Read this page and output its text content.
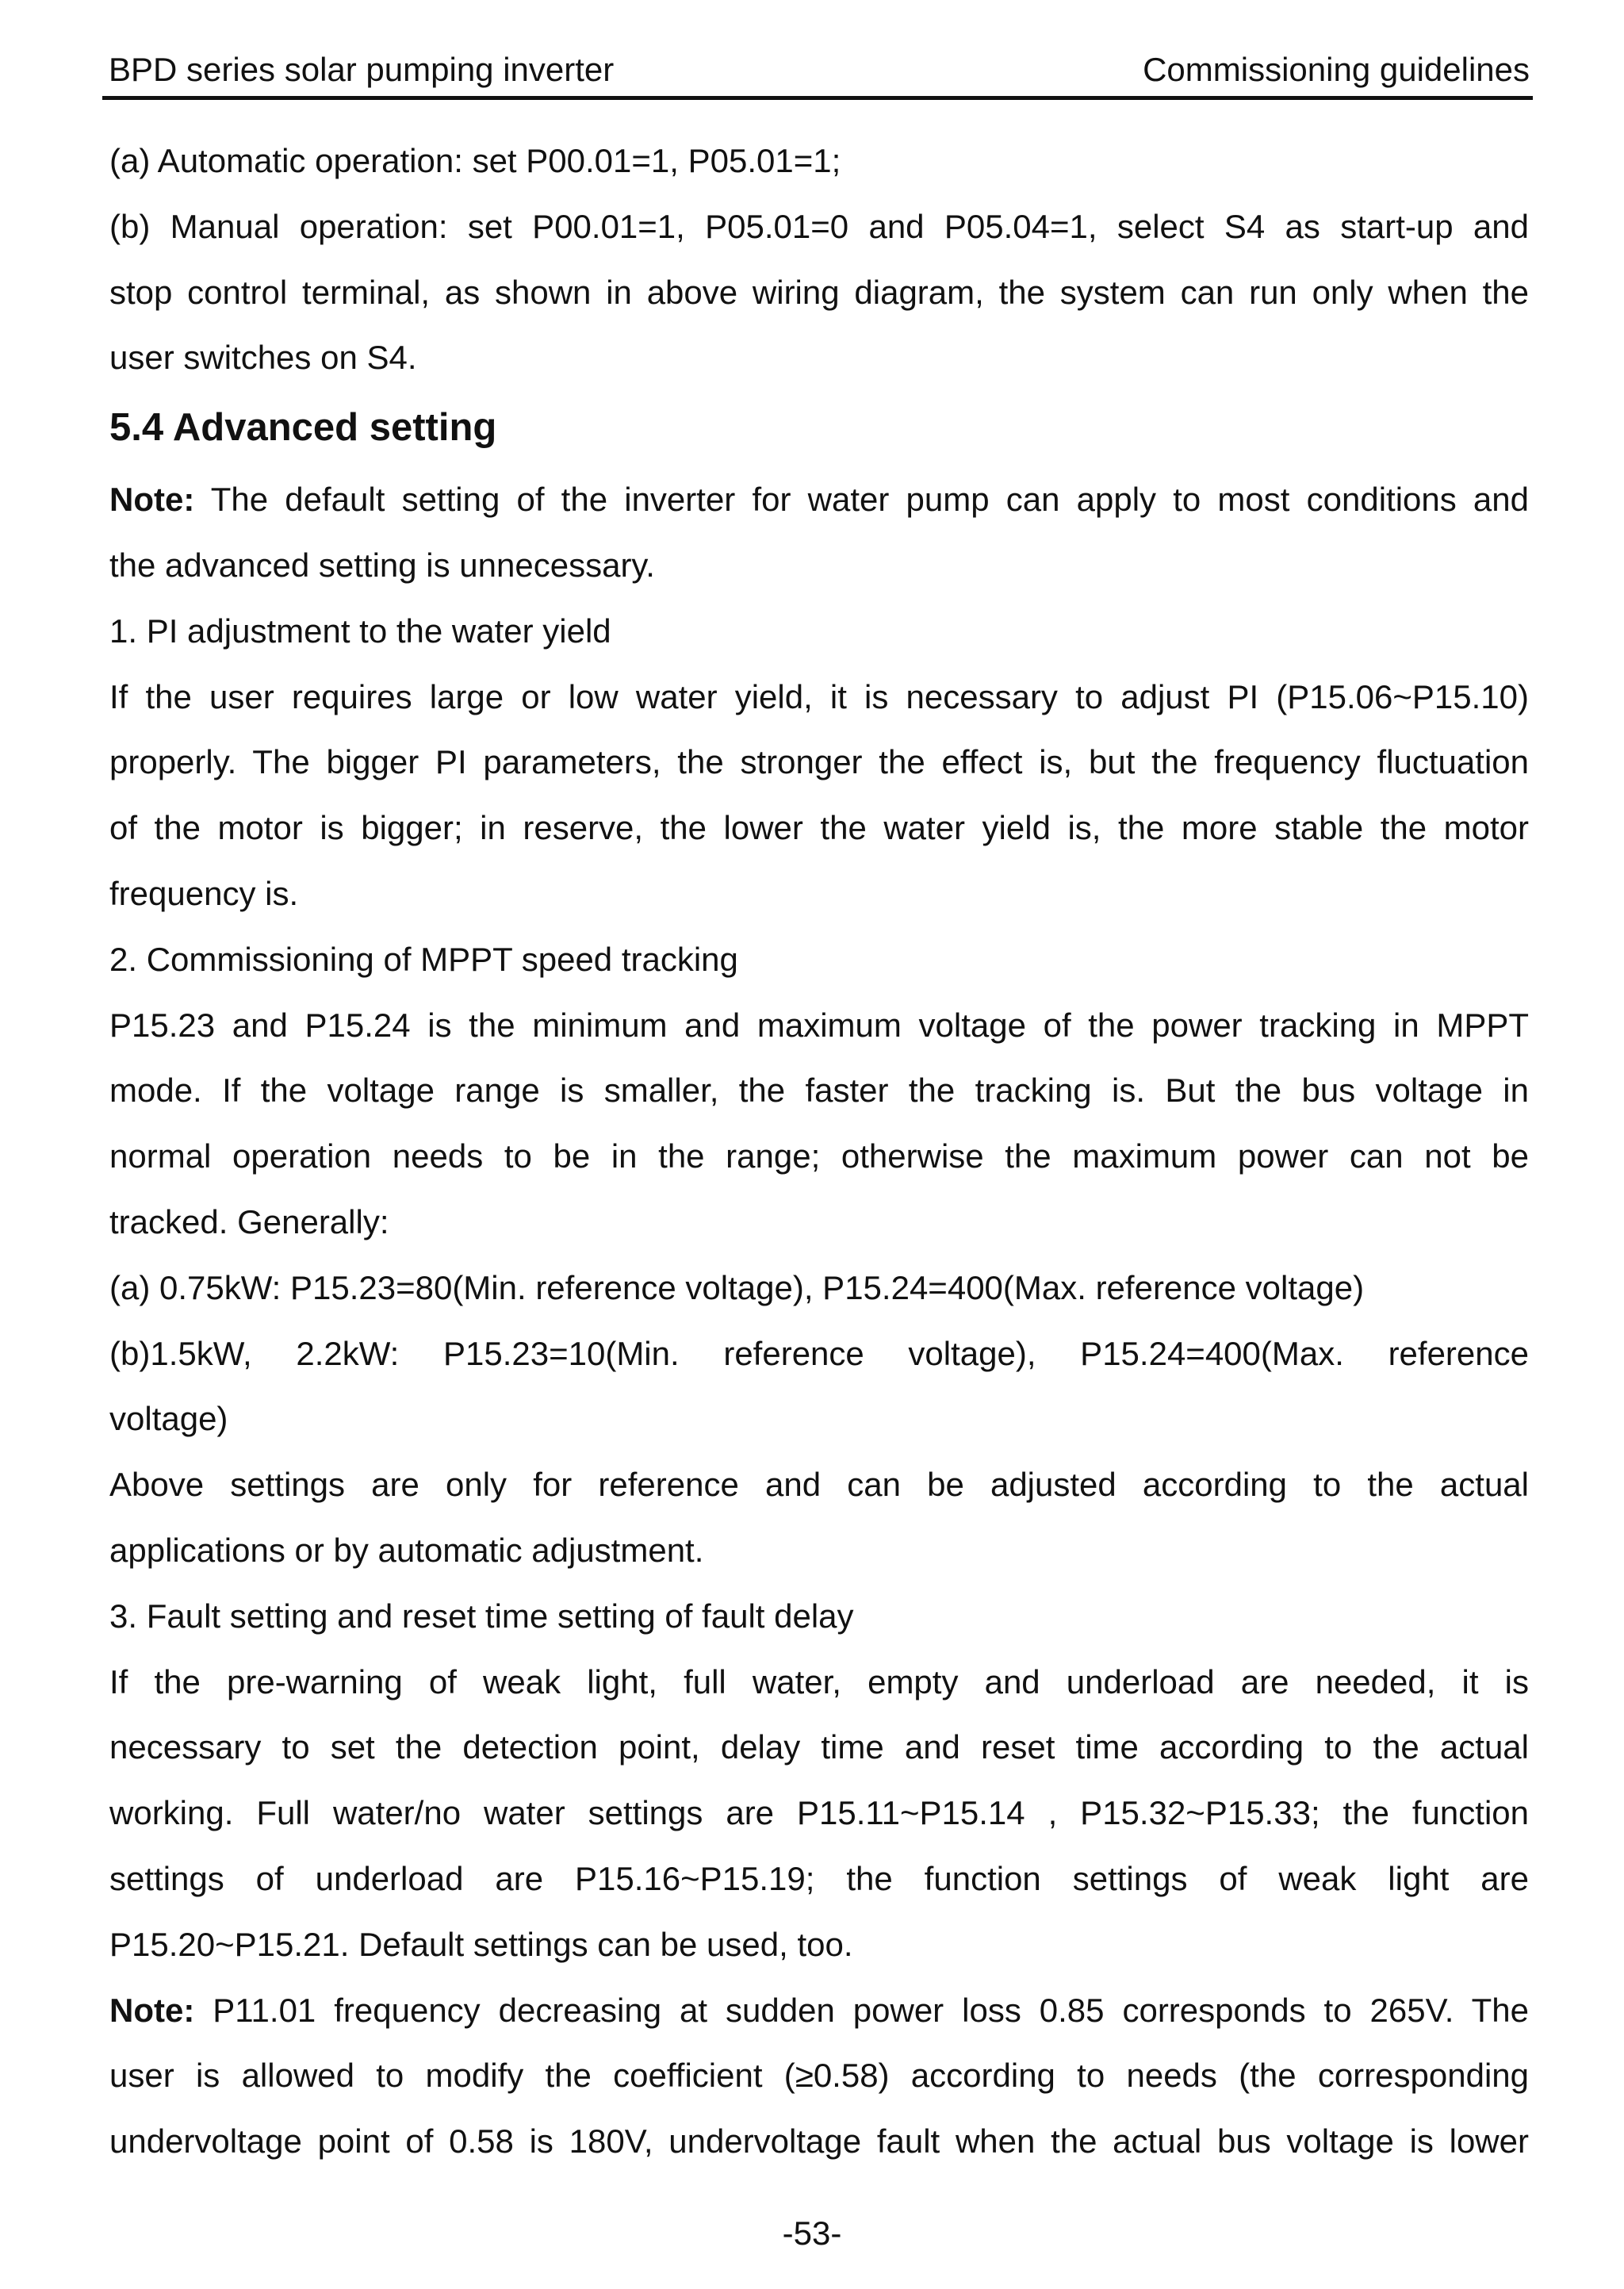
BPD series solar pumping inverter	Commissioning guidelines
(a) Automatic operation: set P00.01=1, P05.01=1;
(b) Manual operation: set P00.01=1, P05.01=0 and P05.04=1, select S4 as start-up and
stop control terminal, as shown in above wiring diagram, the system can run only when the
user switches on S4.
5.4 Advanced setting
Note: The default setting of the inverter for water pump can apply to most conditions and
the advanced setting is unnecessary.
1. PI adjustment to the water yield
If the user requires large or low water yield, it is necessary to adjust PI (P15.06~P15.10)
properly. The bigger PI parameters, the stronger the effect is, but the frequency fluctuation
of the motor is bigger; in reserve, the lower the water yield is, the more stable the motor
frequency is.
2. Commissioning of MPPT speed tracking
P15.23 and P15.24 is the minimum and maximum voltage of the power tracking in MPPT
mode. If the voltage range is smaller, the faster the tracking is. But the bus voltage in
normal operation needs to be in the range; otherwise the maximum power can not be
tracked. Generally:
(a) 0.75kW: P15.23=80(Min. reference voltage), P15.24=400(Max. reference voltage)
(b)1.5kW, 2.2kW: P15.23=10(Min. reference voltage), P15.24=400(Max. reference
voltage)
Above settings are only for reference and can be adjusted according to the actual
applications or by automatic adjustment.
3. Fault setting and reset time setting of fault delay
If the pre-warning of weak light, full water, empty and underload are needed, it is
necessary to set the detection point, delay time and reset time according to the actual
working. Full water/no water settings are P15.11~P15.14 , P15.32~P15.33; the function
settings of underload are P15.16~P15.19; the function settings of weak light are
P15.20~P15.21. Default settings can be used, too.
Note: P11.01 frequency decreasing at sudden power loss 0.85 corresponds to 265V. The
user is allowed to modify the coefficient (≥0.58) according to needs (the corresponding
undervoltage point of 0.58 is 180V, undervoltage fault when the actual bus voltage is lower
-53-
